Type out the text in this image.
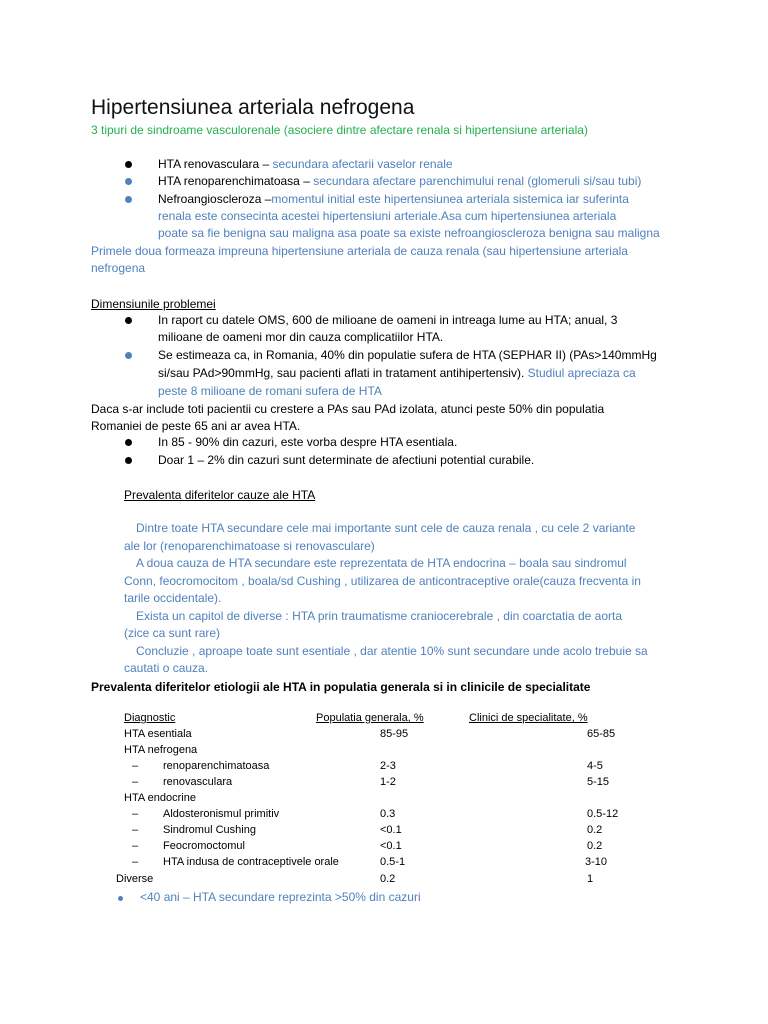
Hipertensiunea arteriala nefrogena
3 tipuri de sindroame vasculorenale (asociere dintre afectare renala si hipertensiune arteriala)
HTA renovasculara – secundara afectarii vaselor renale
HTA renoparenchimatoasa – secundara afectare parenchimului renal (glomeruli si/sau tubi)
Nefroangioscleroza –momentul initial este hipertensiunea arteriala sistemica iar suferinta
renala este consecinta acestei hipertensiuni arteriale.Asa cum hipertensiunea arteriala
poate sa fie benigna sau maligna asa poate sa existe nefroangioscleroza benigna sau maligna
Primele doua formeaza impreuna hipertensiune arteriala de cauza renala (sau hipertensiune arteriala
nefrogena
Dimensiunile problemei
In raport cu datele OMS, 600 de milioane de oameni in intreaga lume au HTA; anual, 3
milioane de oameni mor din cauza complicatiilor HTA.
Se estimeaza ca, in Romania, 40% din populatie sufera de HTA (SEPHAR II) (PAs>140mmHg
si/sau PAd>90mmHg, sau pacienti aflati in tratament antihipertensiv). Studiul apreciaza ca
peste 8 milioane de romani sufera de HTA
Daca s-ar include toti pacientii cu crestere a PAs sau PAd izolata, atunci peste 50% din populatia
Romaniei de peste 65 ani ar avea HTA.
In 85 - 90% din cazuri, este vorba despre HTA esentiala.
Doar 1 – 2% din cazuri sunt determinate de afectiuni potential curabile.
Prevalenta diferitelor cauze ale HTA
Dintre toate HTA secundare cele mai importante sunt cele de cauza renala , cu cele 2 variante
ale lor (renoparenchimatoase si renovasculare)
A doua cauza de HTA secundare este reprezentata de HTA endocrina – boala sau sindromul
Conn, feocromocitom , boala/sd Cushing , utilizarea de anticontraceptive orale(cauza frecventa in
tarile occidentale).
Exista un capitol de diverse : HTA prin traumatisme craniocerebrale , din coarctatia de aorta
(zice ca sunt rare)
Concluzie , aproape toate sunt esentiale , dar atentie 10% sunt secundare unde acolo trebuie sa
cautati o cauza.
Prevalenta diferitelor etiologii ale HTA in populatia generala si in clinicile de specialitate
Diagnostic	Populatia generala, %	Clinici de specialitate, %
HTA esentiala	85-95	65-85
HTA nefrogena
– renoparenchimatoasa	2-3	4-5
– renovasculara	1-2	5-15
HTA endocrine
– Aldosteronismul primitiv	0.3	0.5-12
– Sindromul Cushing	<0.1	0.2
– Feocromoctomul	<0.1	0.2
– HTA indusa de contraceptivele orale	0.5-1	3-10
Diverse	0.2	1
<40 ani – HTA secundare reprezinta >50% din cazuri
